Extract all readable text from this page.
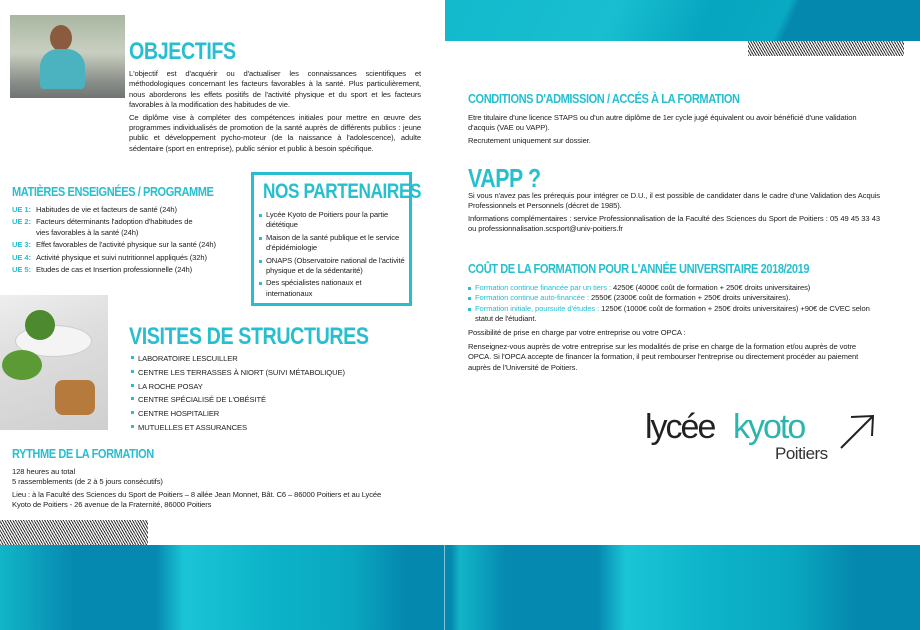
OBJECTIFS

L'objectif est d'acquérir ou d'actualiser les connaissances scientifiques et méthodologiques concernant les facteurs favorables à la santé. Plus particulièrement, nous aborderons les effets positifs de l'activité physique et du sport et les facteurs favorables à la modification des habitudes de vie.

Ce diplôme vise à compléter des compétences initiales pour mettre en œuvre des programmes individualisés de promotion de la santé auprès de différents publics : jeune public et développement pycho-moteur (de la naissance à l'adolescence), adulte sédentaire (sport en entreprise), public sénior et public à besoin spécifique.

MATIÈRES ENSEIGNÉES / PROGRAMME
UE 1: Habitudes de vie et facteurs de santé (24h)
UE 2: Facteurs déterminants l'adoption d'habitudes de vies favorables à la santé (24h)
UE 3: Effet favorables de l'activité physique sur la santé (24h)
UE 4: Activité physique et suivi nutritionnel appliqués (32h)
UE 5: Etudes de cas et Insertion professionnelle (24h)
NOS PARTENAIRES
Lycée Kyoto de Poitiers pour la partie diététique
Maison de la santé publique et le service d'épidémiologie
ONAPS (Observatoire national de l'activité physique et de la sédentarité)
Des spécialistes nationaux et internationaux
VISITES DE STRUCTURES
LABORATOIRE LESCUILLER
CENTRE LES TERRASSES À NIORT (SUIVI MÉTABOLIQUE)
LA ROCHE POSAY
CENTRE SPÉCIALISÉ DE L'OBÉSITÉ
CENTRE HOSPITALIER
MUTUELLES ET ASSURANCES
RYTHME DE LA FORMATION
128 heures au total
5 rassemblements (de 2 à 5 jours consécutifs)
Lieu : à la Faculté des Sciences du Sport de Poitiers – 8 allée Jean Monnet, Bât. C6 – 86000 Poitiers et au Lycée Kyoto de Poitiers - 26 avenue de la Fraternité, 86000 Poitiers
CONDITIONS D'ADMISSION / ACCÉS À LA FORMATION

Etre titulaire d'une licence STAPS ou d'un autre diplôme de 1er cycle jugé équivalent ou avoir bénéficié d'une validation d'acquis (VAE ou VAPP).

Recrutement uniquement sur dossier.

VAPP ?

Si vous n'avez pas les prérequis pour intégrer ce D.U., il est possible de candidater dans le cadre d'une Validation des Acquis Professionnels et Personnels (décret de 1985).

Informations complémentaires : service Professionnalisation de la Faculté des Sciences du Sport de Poitiers : 05 49 45 33 43 ou professionnalisation.scsport@univ-poitiers.fr

COÛT DE LA FORMATION POUR L'ANNÉE UNIVERSITAIRE 2018/2019
Formation continue financée par un tiers : 4250€ (4000€ coût de formation + 250€ droits universitaires)
Formation continue auto-financée : 2550€ (2300€ coût de formation + 250€ droits universitaires).
Formation initiale, poursuite d'études : 1250€ (1000€ coût de formation + 250€ droits universitaires) +90€ de CVEC selon statut de l'étudiant.

Possibilité de prise en charge par votre entreprise ou votre OPCA :

Renseignez-vous auprès de votre entreprise sur les modalités de prise en charge de la formation et/ou auprès de votre OPCA. Si l'OPCA accepte de financer la formation, il peut rembourser l'entreprise ou directement procéder au paiement auprès de l'Université de Poitiers.

lycée kyoto
Poitiers
